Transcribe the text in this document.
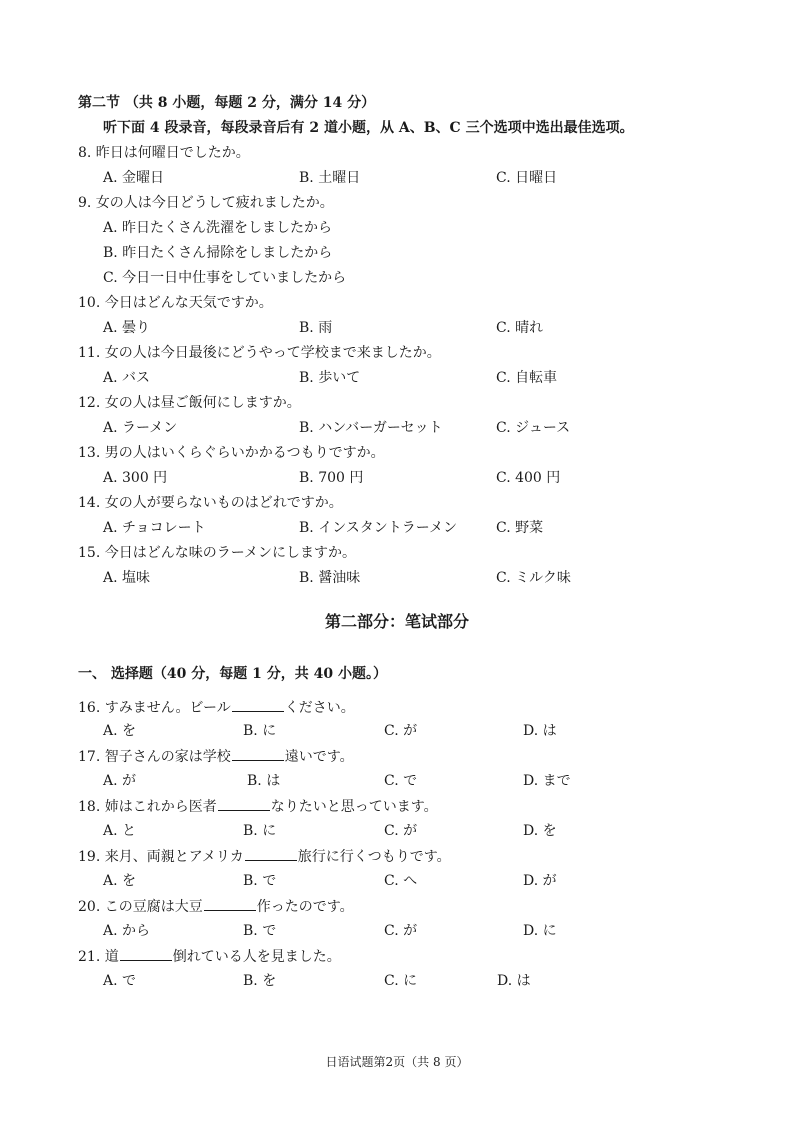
第二节 （共 8 小题，每题 2 分，满分 14 分）
听下面 4 段录音，每段录音后有 2 道小题，从 A、B、C 三个选项中选出最佳选项。
8. 昨日は何曜日でしたか。
A. 金曜日	B. 土曜日	C. 日曜日
9. 女の人は今日どうして疲れましたか。
A. 昨日たくさん洗濯をしましたから
B. 昨日たくさん掃除をしましたから
C. 今日一日中仕事をしていましたから
10. 今日はどんな天気ですか。
A. 曇り	B. 雨	C. 晴れ
11. 女の人は今日最後にどうやって学校まで来ましたか。
A. バス	B. 歩いて	C. 自転車
12. 女の人は昼ご飯何にしますか。
A. ラーメン	B. ハンバーガーセット	C. ジュース
13. 男の人はいくらぐらいかかるつもりですか。
A. 300 円	B. 700 円	C. 400 円
14. 女の人が要らないものはどれですか。
A. チョコレート	B. インスタントラーメン	C. 野菜
15. 今日はどんな味のラーメンにしますか。
A. 塩味	B. 醤油味	C. ミルク味
第二部分：笔试部分
一、 选择题（40 分，每题 1 分，共 40 小题。）
16. すみません。ビール	ください。
A. を	B. に	C. が	D. は
17. 智子さんの家は学校	遠いです。
A. が	B. は	C. で	D. まで
18. 姉はこれから医者	なりたいと思っています。
A. と	B. に	C. が	D. を
19. 来月、両親とアメリカ	旅行に行くつもりです。
A. を	B. で	C. へ	D. が
20. この豆腐は大豆	作ったのです。
A. から	B. で	C. が	D. に
21. 道	倒れている人を見ました。
A. で	B. を	C. に	D. は
日语试题第2页（共 8 页）
